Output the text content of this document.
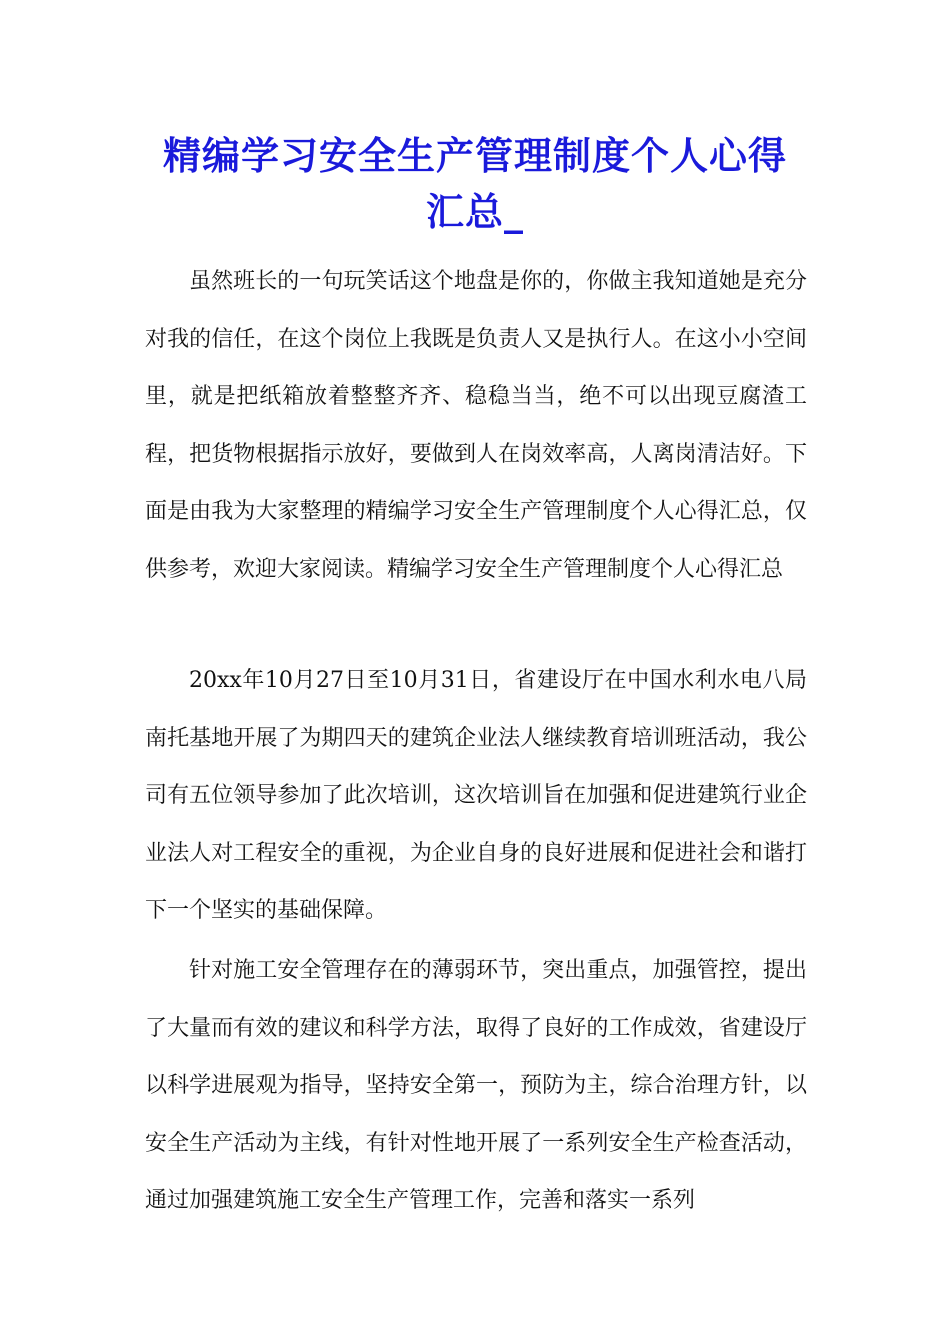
精编学习安全生产管理制度个人心得汇总_

虽然班长的一句玩笑话这个地盘是你的，你做主我知道她是充分对我的信任，在这个岗位上我既是负责人又是执行人。在这小小空间里，就是把纸箱放着整整齐齐、稳稳当当，绝不可以出现豆腐渣工程，把货物根据指示放好，要做到人在岗效率高，人离岗清洁好。下面是由我为大家整理的精编学习安全生产管理制度个人心得汇总，仅供参考，欢迎大家阅读。精编学习安全生产管理制度个人心得汇总

20xx年10月27日至10月31日，省建设厅在中国水利水电八局南托基地开展了为期四天的建筑企业法人继续教育培训班活动，我公司有五位领导参加了此次培训，这次培训旨在加强和促进建筑行业企业法人对工程安全的重视，为企业自身的良好进展和促进社会和谐打下一个坚实的基础保障。

针对施工安全管理存在的薄弱环节，突出重点，加强管控，提出了大量而有效的建议和科学方法，取得了良好的工作成效，省建设厅以科学进展观为指导，坚持安全第一，预防为主，综合治理方针，以安全生产活动为主线，有针对性地开展了一系列安全生产检查活动，通过加强建筑施工安全生产管理工作，完善和落实一系列
